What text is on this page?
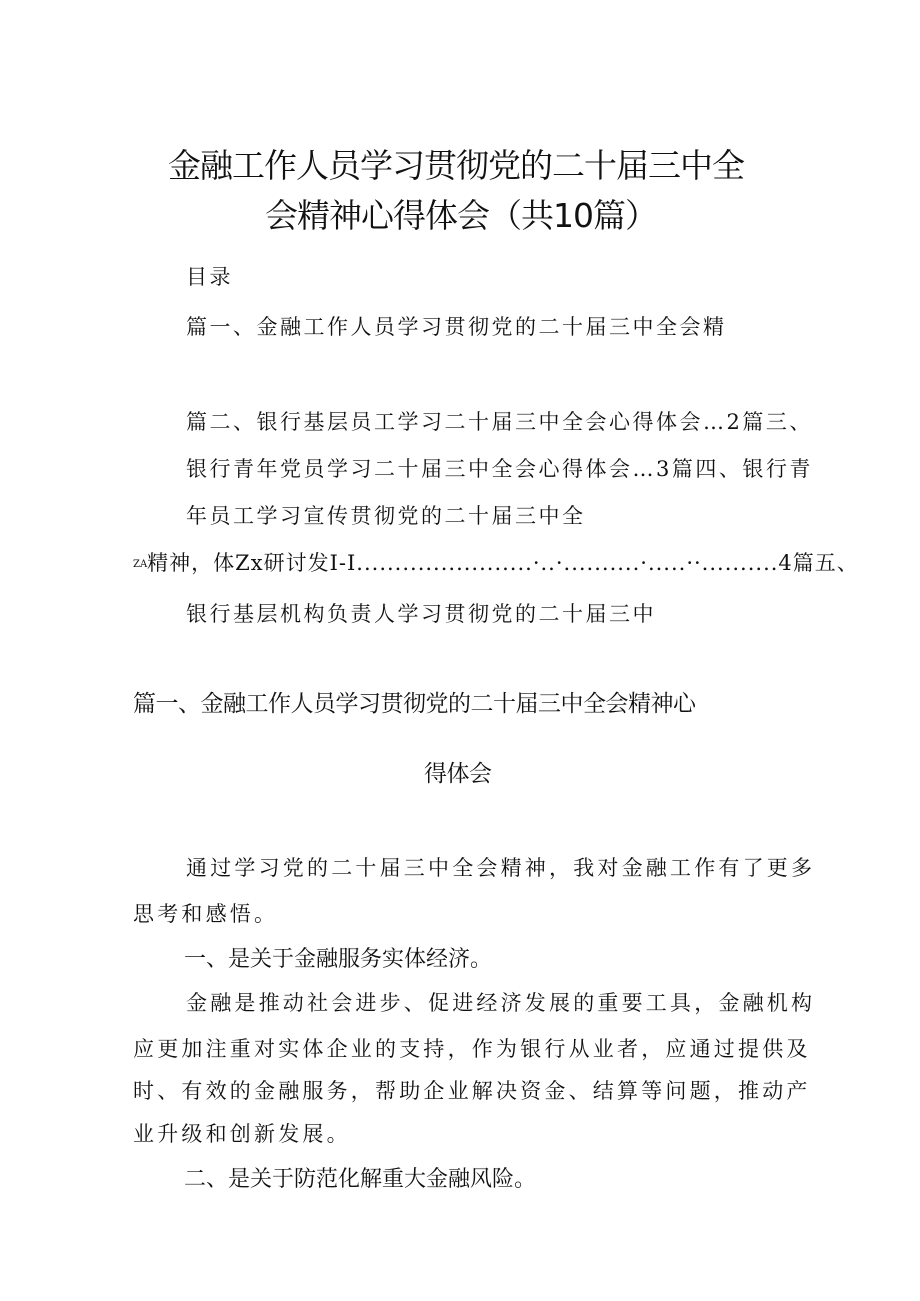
金融工作人员学习贯彻党的二十届三中全
会精神心得体会（共10篇）
目录
篇一、金融工作人员学习贯彻党的二十届三中全会精
篇二、银行基层员工学习二十届三中全会心得体会…2篇三、
银行青年党员学习二十届三中全会心得体会…3篇四、银行青
年员工学习宣传贯彻党的二十届三中全
ZA精神，体Zx研讨发I-I.......................·..·..........·.....··..........4篇五、
银行基层机构负责人学习贯彻党的二十届三中
篇一、金融工作人员学习贯彻党的二十届三中全会精神心
得体会
通过学习党的二十届三中全会精神，我对金融工作有了更多
思考和感悟。
一、是关于金融服务实体经济。
金融是推动社会进步、促进经济发展的重要工具，金融机构
应更加注重对实体企业的支持，作为银行从业者，应通过提供及
时、有效的金融服务，帮助企业解决资金、结算等问题，推动产
业升级和创新发展。
二、是关于防范化解重大金融风险。
